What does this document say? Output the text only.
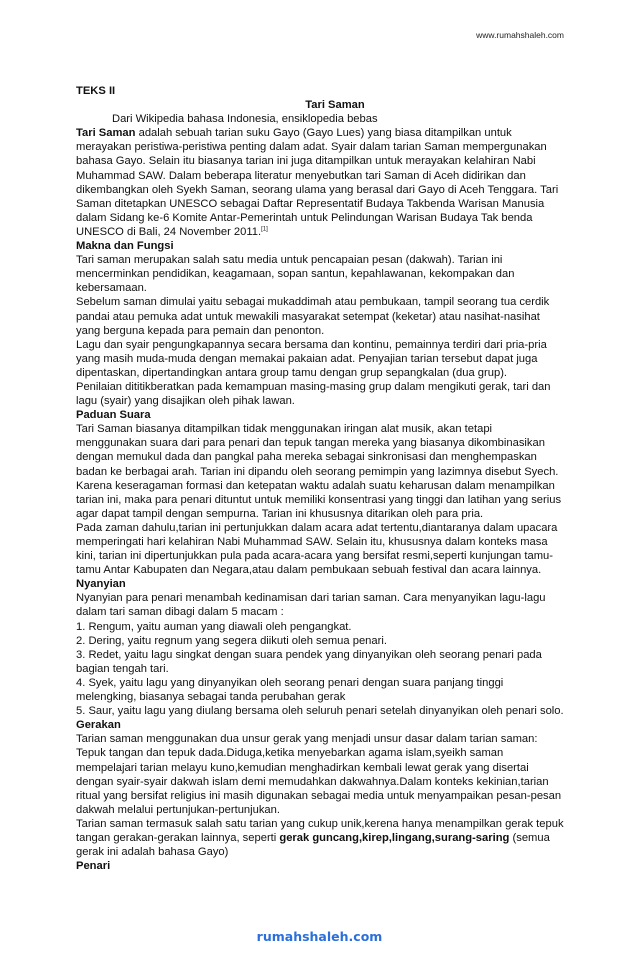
www.rumahshaleh.com

TEKS II

Tari Saman

Dari Wikipedia bahasa Indonesia, ensiklopedia bebas

Tari Saman adalah sebuah tarian suku Gayo (Gayo Lues) yang biasa ditampilkan untuk merayakan peristiwa-peristiwa penting dalam adat. Syair dalam tarian Saman mempergunakan bahasa Gayo. Selain itu biasanya tarian ini juga ditampilkan untuk merayakan kelahiran Nabi Muhammad SAW. Dalam beberapa literatur menyebutkan tari Saman di Aceh didirikan dan dikembangkan oleh Syekh Saman, seorang ulama yang berasal dari Gayo di Aceh Tenggara. Tari Saman ditetapkan UNESCO sebagai Daftar Representatif Budaya Takbenda Warisan Manusia dalam Sidang ke-6 Komite Antar-Pemerintah untuk Pelindungan Warisan Budaya Tak benda UNESCO di Bali, 24 November 2011.[1]

Makna dan Fungsi

Tari saman merupakan salah satu media untuk pencapaian pesan (dakwah). Tarian ini mencerminkan pendidikan, keagamaan, sopan santun, kepahlawanan, kekompakan dan kebersamaan.

Sebelum saman dimulai yaitu sebagai mukaddimah atau pembukaan, tampil seorang tua cerdik pandai atau pemuka adat untuk mewakili masyarakat setempat (keketar) atau nasihat-nasihat yang berguna kepada para pemain dan penonton.

Lagu dan syair pengungkapannya secara bersama dan kontinu, pemainnya terdiri dari pria-pria yang masih muda-muda dengan memakai pakaian adat. Penyajian tarian tersebut dapat juga dipentaskan, dipertandingkan antara group tamu dengan grup sepangkalan (dua grup).

Penilaian dititikberatkan pada kemampuan masing-masing grup dalam mengikuti gerak, tari dan lagu (syair) yang disajikan oleh pihak lawan.

Paduan Suara

Tari Saman biasanya ditampilkan tidak menggunakan iringan alat musik, akan tetapi menggunakan suara dari para penari dan tepuk tangan mereka yang biasanya dikombinasikan dengan memukul dada dan pangkal paha mereka sebagai sinkronisasi dan menghempaskan badan ke berbagai arah. Tarian ini dipandu oleh seorang pemimpin yang lazimnya disebut Syech. Karena keseragaman formasi dan ketepatan waktu adalah suatu keharusan dalam menampilkan tarian ini, maka para penari dituntut untuk memiliki konsentrasi yang tinggi dan latihan yang serius agar dapat tampil dengan sempurna. Tarian ini khususnya ditarikan oleh para pria.

Pada zaman dahulu,tarian ini pertunjukkan dalam acara adat tertentu,diantaranya dalam upacara memperingati hari kelahiran Nabi Muhammad SAW. Selain itu, khususnya dalam konteks masa kini, tarian ini dipertunjukkan pula pada acara-acara yang bersifat resmi,seperti kunjungan tamu-tamu Antar Kabupaten dan Negara,atau dalam pembukaan sebuah festival dan acara lainnya.

Nyanyian

Nyanyian para penari menambah kedinamisan dari tarian saman. Cara menyanyikan lagu-lagu dalam tari saman dibagi dalam 5 macam :

1. Rengum, yaitu auman yang diawali oleh pengangkat.

2. Dering, yaitu regnum yang segera diikuti oleh semua penari.

3. Redet, yaitu lagu singkat dengan suara pendek yang dinyanyikan oleh seorang penari pada bagian tengah tari.

4. Syek, yaitu lagu yang dinyanyikan oleh seorang penari dengan suara panjang tinggi melengking, biasanya sebagai tanda perubahan gerak

5. Saur, yaitu lagu yang diulang bersama oleh seluruh penari setelah dinyanyikan oleh penari solo.

Gerakan

Tarian saman menggunakan dua unsur gerak yang menjadi unsur dasar dalam tarian saman: Tepuk tangan dan tepuk dada.Diduga,ketika menyebarkan agama islam,syeikh saman mempelajari tarian melayu kuno,kemudian menghadirkan kembali lewat gerak yang disertai dengan syair-syair dakwah islam demi memudahkan dakwahnya.Dalam konteks kekinian,tarian ritual yang bersifat religius ini masih digunakan sebagai media untuk menyampaikan pesan-pesan dakwah melalui pertunjukan-pertunjukan.

Tarian saman termasuk salah satu tarian yang cukup unik,kerena hanya menampilkan gerak tepuk tangan gerakan-gerakan lainnya, seperti gerak guncang,kirep,lingang,surang-saring (semua gerak ini adalah bahasa Gayo)

Penari

rumahshaleh.com
